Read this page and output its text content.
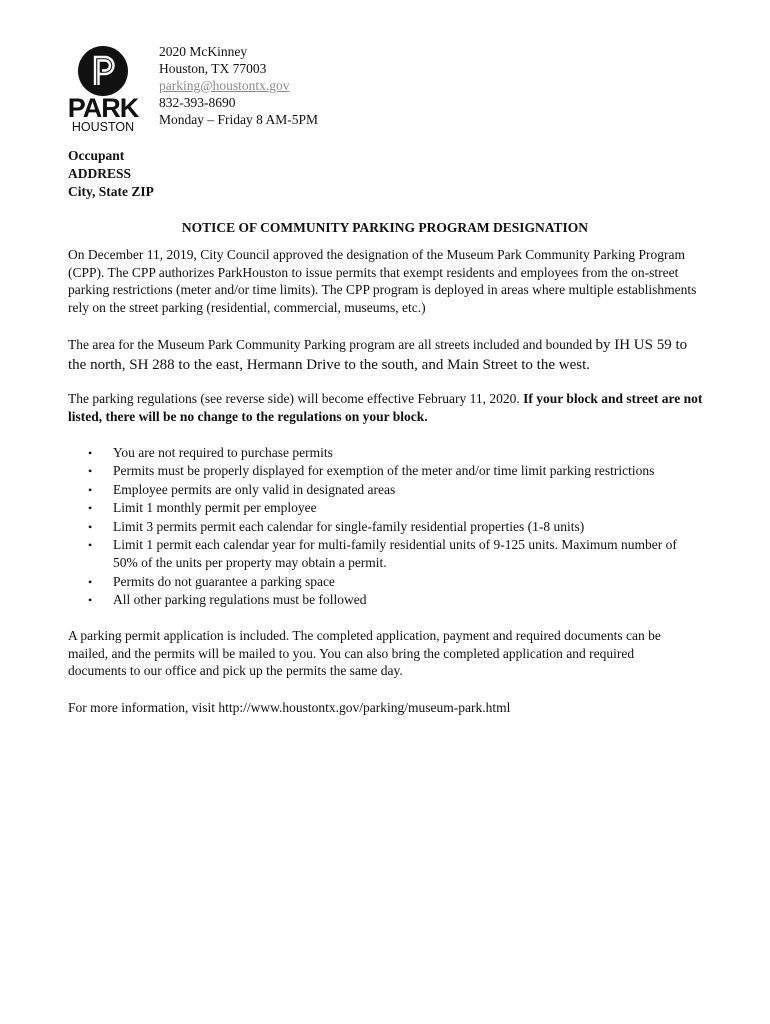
PARK
HOUSTON
2020 McKinney
Houston, TX 77003
parking@houstontx.gov
832-393-8690
Monday – Friday 8 AM-5PM
Occupant
ADDRESS
City, State ZIP
NOTICE OF COMMUNITY PARKING PROGRAM DESIGNATION
On December 11, 2019, City Council approved the designation of the Museum Park Community Parking Program (CPP). The CPP authorizes ParkHouston to issue permits that exempt residents and employees from the on-street parking restrictions (meter and/or time limits). The CPP program is deployed in areas where multiple establishments rely on the street parking (residential, commercial, museums, etc.)
The area for the Museum Park Community Parking program are all streets included and bounded by IH US 59 to the north, SH 288 to the east, Hermann Drive to the south, and Main Street to the west.
The parking regulations (see reverse side) will become effective February 11, 2020. If your block and street are not listed, there will be no change to the regulations on your block.
• You are not required to purchase permits
• Permits must be properly displayed for exemption of the meter and/or time limit parking restrictions
• Employee permits are only valid in designated areas
• Limit 1 monthly permit per employee
• Limit 3 permits permit each calendar for single-family residential properties (1-8 units)
• Limit 1 permit each calendar year for multi-family residential units of 9-125 units. Maximum number of 50% of the units per property may obtain a permit.
• Permits do not guarantee a parking space
• All other parking regulations must be followed
A parking permit application is included. The completed application, payment and required documents can be mailed, and the permits will be mailed to you. You can also bring the completed application and required documents to our office and pick up the permits the same day.
For more information, visit http://www.houstontx.gov/parking/museum-park.html
